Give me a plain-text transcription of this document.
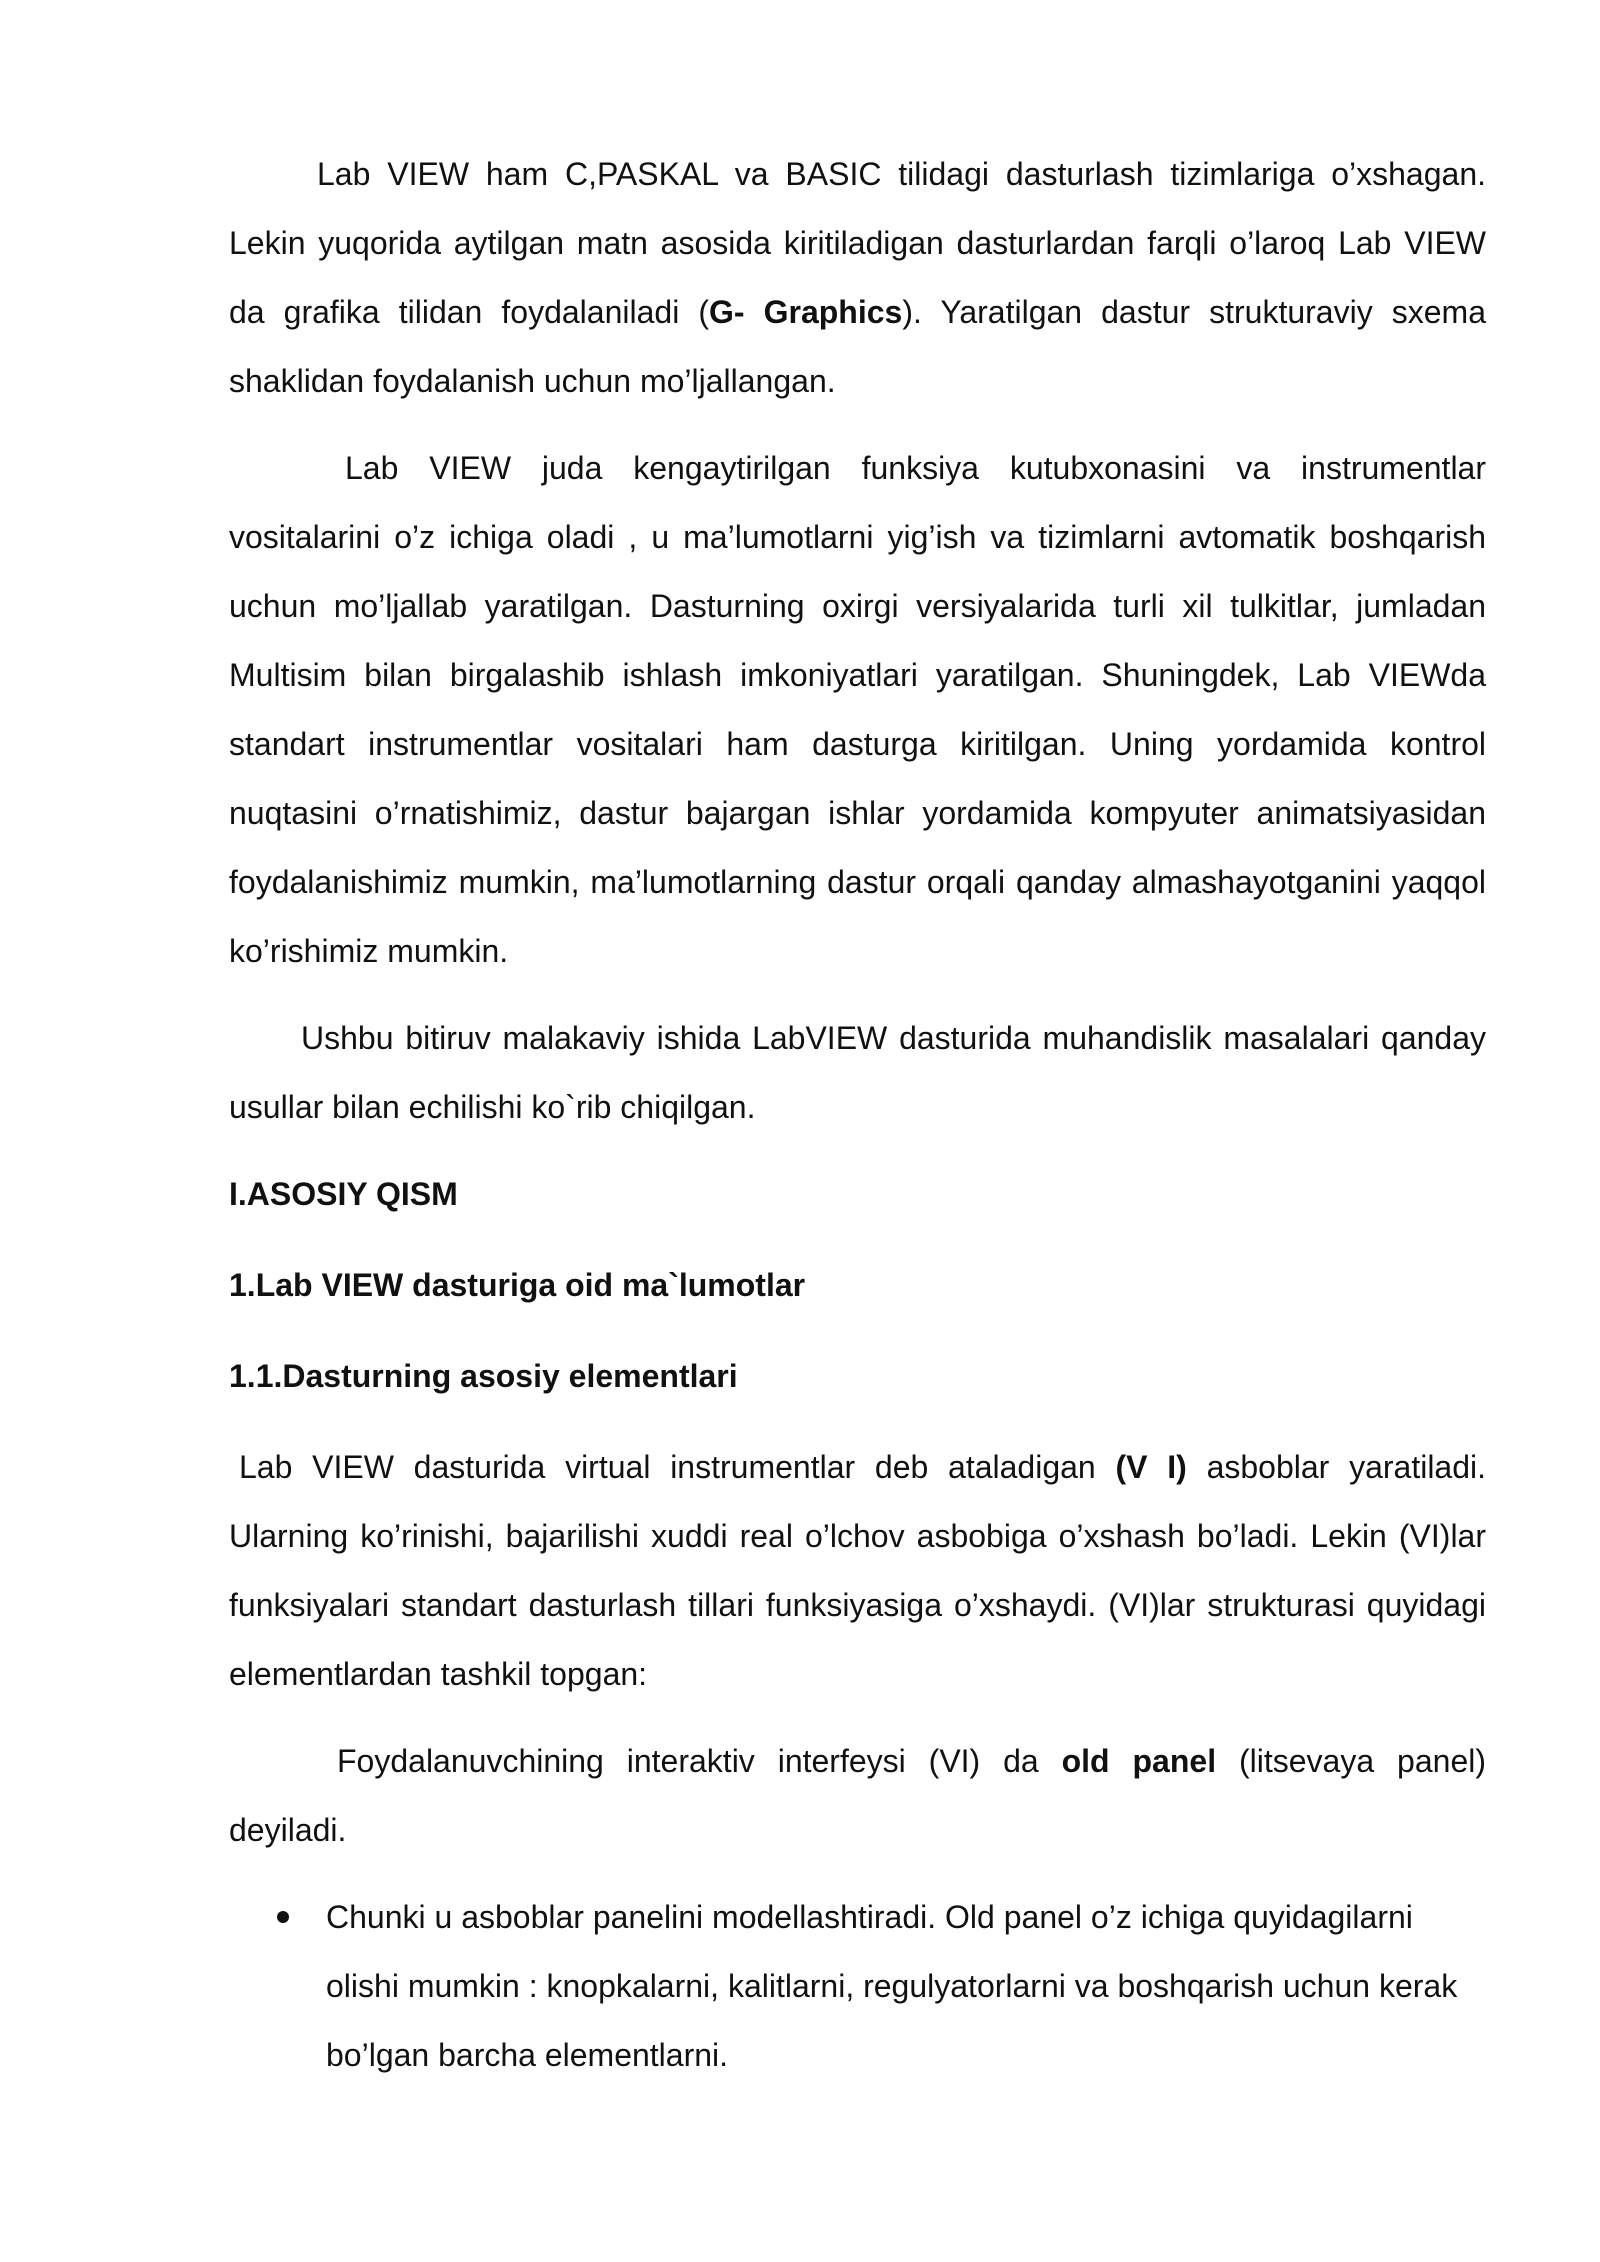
Lab VIEW ham C,PASKAL va BASIC tilidagi dasturlash tizimlariga o’xshagan. Lekin yuqorida aytilgan matn asosida kiritiladigan dasturlardan farqli o’laroq Lab VIEW da grafika tilidan foydalaniladi (G- Graphics). Yaratilgan dastur strukturaviy sxema shaklidan foydalanish uchun mo’ljallangan.

Lab VIEW juda kengaytirilgan funksiya kutubxonasini va instrumentlar vositalarini o’z ichiga oladi , u ma’lumotlarni yig’ish va tizimlarni avtomatik boshqarish uchun mo’ljallab yaratilgan. Dasturning oxirgi versiyalarida turli xil tulkitlar, jumladan Multisim bilan birgalashib ishlash imkoniyatlari yaratilgan. Shuningdek, Lab VIEWda standart instrumentlar vositalari ham dasturga kiritilgan. Uning yordamida kontrol nuqtasini o’rnatishimiz, dastur bajargan ishlar yordamida kompyuter animatsiyasidan foydalanishimiz mumkin, ma’lumotlarning dastur orqali qanday almashayotganini yaqqol ko’rishimiz mumkin.

Ushbu bitiruv malakaviy ishida LabVIEW dasturida muhandislik masalalari qanday usullar bilan echilishi ko`rib chiqilgan.

I.ASOSIY QISM

1.Lab VIEW dasturiga oid ma`lumotlar

1.1.Dasturning asosiy elementlari

Lab VIEW dasturida virtual instrumentlar deb ataladigan (V I) asboblar yaratiladi. Ularning ko’rinishi, bajarilishi xuddi real o’lchov asbobiga o’xshash bo’ladi. Lekin (VI)lar funksiyalari standart dasturlash tillari funksiyasiga o’xshaydi. (VI)lar strukturasi quyidagi elementlardan tashkil topgan:

Foydalanuvchining interaktiv interfeysi (VI) da old panel (litsevaya panel) deyiladi.

Chunki u asboblar panelini modellashtiradi. Old panel o’z ichiga quyidagilarni olishi mumkin : knopkalarni, kalitlarni, regulyatorlarni va boshqarish uchun kerak bo’lgan barcha elementlarni.
